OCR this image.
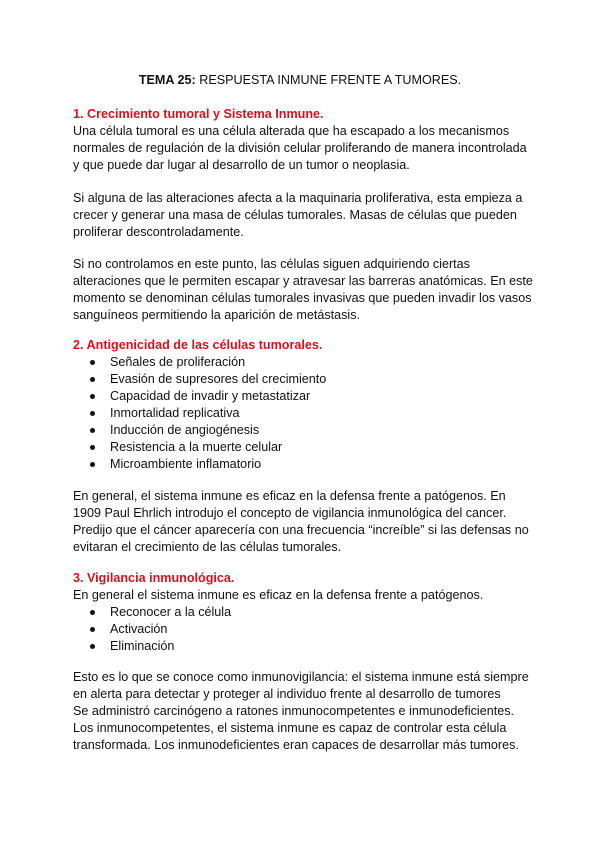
TEMA 25: RESPUESTA INMUNE FRENTE A TUMORES.

1. Crecimiento tumoral y Sistema Inmune.

Una célula tumoral es una célula alterada que ha escapado a los mecanismos normales de regulación de la división celular proliferando de manera incontrolada y que puede dar lugar al desarrollo de un tumor o neoplasia.

Si alguna de las alteraciones afecta a la maquinaria proliferativa, esta empieza a crecer y generar una masa de células tumorales. Masas de células que pueden proliferar descontroladamente.

Si no controlamos en este punto, las células siguen adquiriendo ciertas alteraciones que le permiten escapar y atravesar las barreras anatómicas. En este momento se denominan células tumorales invasivas que pueden invadir los vasos sanguíneos permitiendo la aparición de metástasis.

2. Antigenicidad de las células tumorales.

Señales de proliferación
Evasión de supresores del crecimiento
Capacidad de invadir y metastatizar
Inmortalidad replicativa
Inducción de angiogénesis
Resistencia a la muerte celular
Microambiente inflamatorio

En general, el sistema inmune es eficaz en la defensa frente a patógenos. En 1909 Paul Ehrlich introdujo el concepto de vigilancia inmunológica del cancer. Predijo que el cáncer aparecería con una frecuencia “increíble” si las defensas no evitaran el crecimiento de las células tumorales.

3. Vigilancia inmunológica.

En general el sistema inmune es eficaz en la defensa frente a patógenos.

Reconocer a la célula
Activación
Eliminación

Esto es lo que se conoce como inmunovigilancia: el sistema inmune está siempre en alerta para detectar y proteger al individuo frente al desarrollo de tumores

Se administró carcinógeno a ratones inmunocompetentes e inmunodeficientes. Los inmunocompetentes, el sistema inmune es capaz de controlar esta célula transformada. Los inmunodeficientes eran capaces de desarrollar más tumores.
